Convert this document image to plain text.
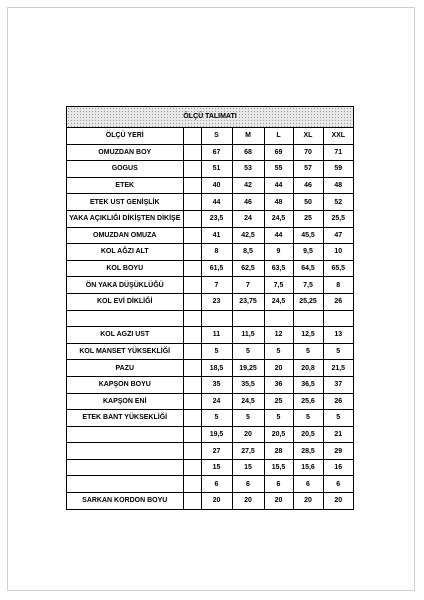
ÖLÇÜ TALIMATI
ÖLÇÜ YERİ		S	M	L	XL	XXL
OMUZDAN BOY		67	68	69	70	71
GOGUS		51	53	55	57	59
ETEK		40	42	44	46	48
ETEK UST GENİŞLİK		44	46	48	50	52
YAKA AÇIKLIĞI DİKİŞTEN DİKİŞE		23,5	24	24,5	25	25,5
OMUZDAN OMUZA		41	42,5	44	45,5	47
KOL AĞZI ALT		8	8,5	9	9,5	10
KOL BOYU		61,5	62,5	63,5	64,5	65,5
ÖN YAKA DÜŞÜKLÜĞÜ		7	7	7,5	7,5	8
KOL EVİ DİKLİĞİ		23	23,75	24,5	25,25	26

KOL AGZI UST		11	11,5	12	12,5	13
KOL MANSET YÜKSEKLİĞİ		5	5	5	5	5
PAZU		18,5	19,25	20	20,8	21,5
KAPŞON BOYU		35	35,5	36	36,5	37
KAPŞON ENİ		24	24,5	25	25,6	26
ETEK BANT YÜKSEKLİĞİ		5	5	5	5	5
		19,5	20	20,5	20,5	21
		27	27,5	28	28,5	29
		15	15	15,5	15,6	16
		6	6	6	6	6
SARKAN KORDON BOYU		20	20	20	20	20
